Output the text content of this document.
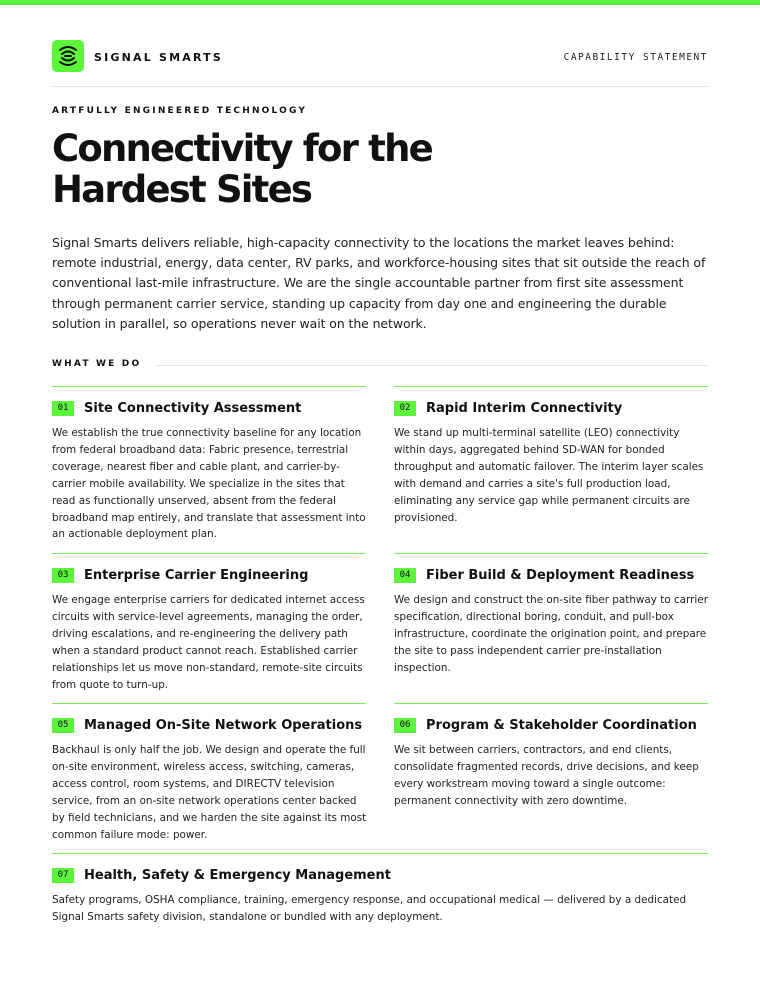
SIGNAL SMARTS	CAPABILITY STATEMENT
ARTFULLY ENGINEERED TECHNOLOGY
Connectivity for the
Hardest Sites

Signal Smarts delivers reliable, high-capacity connectivity to the locations the market leaves behind: remote industrial, energy, data center, RV parks, and workforce-housing sites that sit outside the reach of conventional last-mile infrastructure. We are the single accountable partner from first site assessment through permanent carrier service, standing up capacity from day one and engineering the durable solution in parallel, so operations never wait on the network.

WHAT WE DO
01	Site Connectivity Assessment

We establish the true connectivity baseline for any location from federal broadband data: Fabric presence, terrestrial coverage, nearest fiber and cable plant, and carrier-by-carrier mobile availability. We specialize in the sites that read as functionally unserved, absent from the federal broadband map entirely, and translate that assessment into an actionable deployment plan.

02	Rapid Interim Connectivity

We stand up multi-terminal satellite (LEO) connectivity within days, aggregated behind SD-WAN for bonded throughput and automatic failover. The interim layer scales with demand and carries a site's full production load, eliminating any service gap while permanent circuits are provisioned.

03	Enterprise Carrier Engineering

We engage enterprise carriers for dedicated internet access circuits with service-level agreements, managing the order, driving escalations, and re-engineering the delivery path when a standard product cannot reach. Established carrier relationships let us move non-standard, remote-site circuits from quote to turn-up.

04	Fiber Build & Deployment Readiness

We design and construct the on-site fiber pathway to carrier specification, directional boring, conduit, and pull-box infrastructure, coordinate the origination point, and prepare the site to pass independent carrier pre-installation inspection.

05	Managed On-Site Network Operations

Backhaul is only half the job. We design and operate the full on-site environment, wireless access, switching, cameras, access control, room systems, and DIRECTV television service, from an on-site network operations center backed by field technicians, and we harden the site against its most common failure mode: power.

06	Program & Stakeholder Coordination

We sit between carriers, contractors, and end clients, consolidate fragmented records, drive decisions, and keep every workstream moving toward a single outcome: permanent connectivity with zero downtime.

07	Health, Safety & Emergency Management

Safety programs, OSHA compliance, training, emergency response, and occupational medical — delivered by a dedicated Signal Smarts safety division, standalone or bundled with any deployment.
